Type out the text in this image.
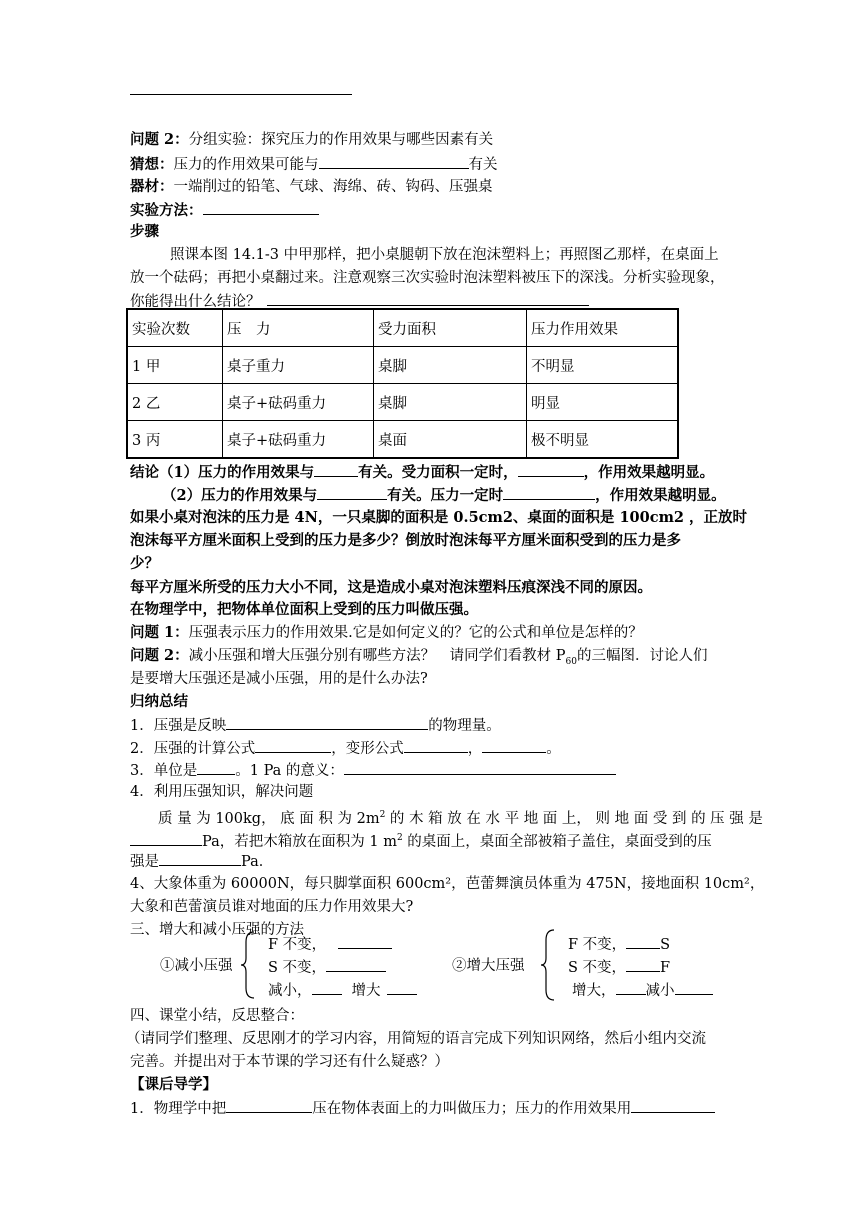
问题 2：分组实验：探究压力的作用效果与哪些因素有关
猜想：压力的作用效果可能与	有关
器材：一端削过的铅笔、气球、海绵、砖、钩码、压强桌
实验方法：
步骤
照课本图 14.1-3 中甲那样，把小桌腿朝下放在泡沫塑料上；再照图乙那样，在桌面上
放一个砝码；再把小桌翻过来。注意观察三次实验时泡沫塑料被压下的深浅。分析实验现象，
你能得出什么结论？
实验次数	压　力	受力面积	压力作用效果
1 甲	桌子重力	桌脚	不明显
2 乙	桌子+砝码重力	桌脚	明显
3 丙	桌子+砝码重力	桌面	极不明显
结论（1）压力的作用效果与	有关。受力面积一定时，	，作用效果越明显。
（2）压力的作用效果与	有关。压力一定时	，作用效果越明显。
如果小桌对泡沫的压力是 4N，一只桌脚的面积是 0.5cm2、桌面的面积是 100cm2 ，正放时
泡沫每平方厘米面积上受到的压力是多少？倒放时泡沫每平方厘米面积受到的压力是多
少？
每平方厘米所受的压力大小不同，这是造成小桌对泡沫塑料压痕深浅不同的原因。
在物理学中，把物体单位面积上受到的压力叫做压强。
问题 1：压强表示压力的作用效果.它是如何定义的？它的公式和单位是怎样的？
问题 2：减小压强和增大压强分别有哪些方法？　请同学们看教材 $P_{60}$的三幅图．讨论人们
是要增大压强还是减小压强，用的是什么办法?
归纳总结
1．压强是反映	的物理量。
2．压强的计算公式	，变形公式	，	。
3．单位是	。1 Pa 的意义：
4．利用压强知识，解决问题
质 量 为 100kg， 底 面 积 为 $2m^2$ 的 木 箱 放 在 水 平 地 面 上， 则 地 面 受 到 的 压 强 是
Pa，若把木箱放在面积为 1 $m^2$ 的桌面上，桌面全部被箱子盖住，桌面受到的压
强是	Pa．
4、大象体重为 60000N，每只脚掌面积 600cm²，芭蕾舞演员体重为 475N，接地面积 10cm²，
大象和芭蕾演员谁对地面的压力作用效果大?
三、增大和减小压强的方法
①减小压强
F 不变，
S 不变，
减小，	增大
②增大压强
F 不变， S
S 不变， F
增大， 减小
四、课堂小结，反思整合：
（请同学们整理、反思刚才的学习内容，用简短的语言完成下列知识网络，然后小组内交流
完善。并提出对于本节课的学习还有什么疑惑？）
【课后导学】
1．物理学中把	压在物体表面上的力叫做压力；压力的作用效果用
